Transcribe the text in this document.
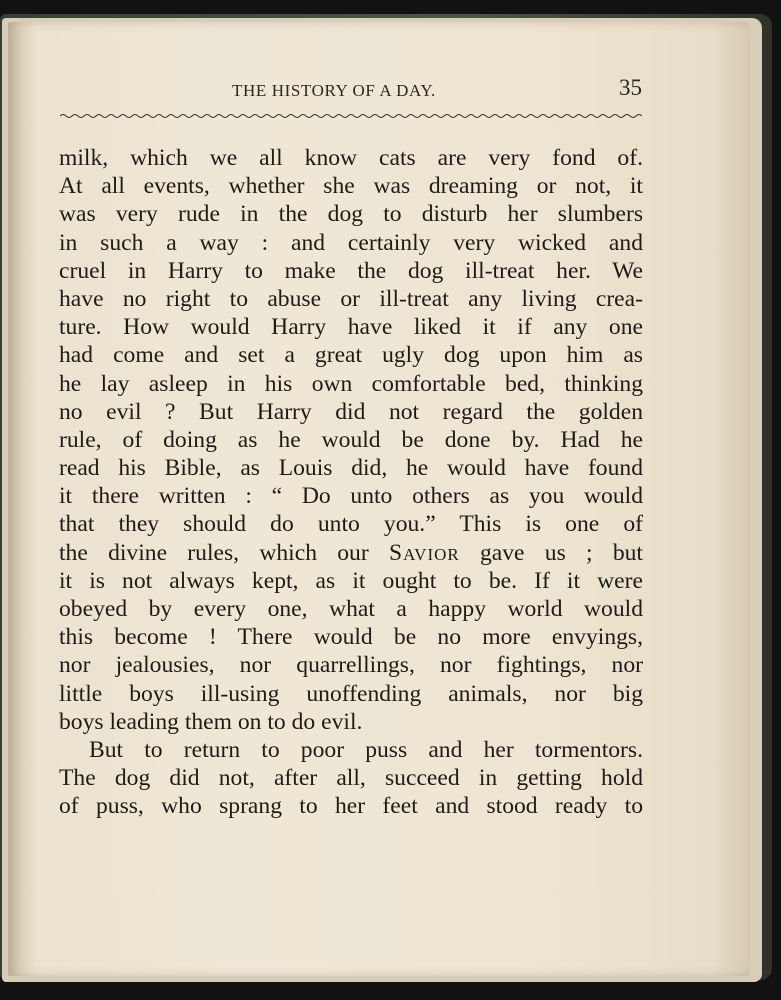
THE HISTORY OF A DAY.	35
milk, which we all know cats are very fond of.
At all events, whether she was dreaming or not, it
was very rude in the dog to disturb her slumbers
in such a way : and certainly very wicked and
cruel in Harry to make the dog ill-treat her. We
have no right to abuse or ill-treat any living crea-
ture. How would Harry have liked it if any one
had come and set a great ugly dog upon him as
he lay asleep in his own comfortable bed, thinking
no evil ? But Harry did not regard the golden
rule, of doing as he would be done by. Had he
read his Bible, as Louis did, he would have found
it there written : “ Do unto others as you would
that they should do unto you.” This is one of
the divine rules, which our Savior gave us ; but
it is not always kept, as it ought to be. If it were
obeyed by every one, what a happy world would
this become ! There would be no more envyings,
nor jealousies, nor quarrellings, nor fightings, nor
little boys ill-using unoffending animals, nor big
boys leading them on to do evil.
But to return to poor puss and her tormentors.
The dog did not, after all, succeed in getting hold
of puss, who sprang to her feet and stood ready to
